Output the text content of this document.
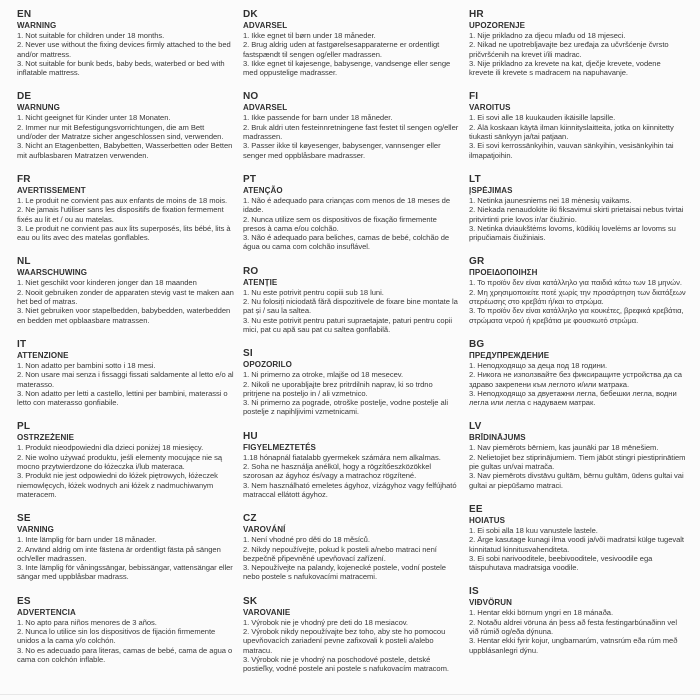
EN
WARNING

1. Not suitable for children under 18 months.

2. Never use without the fixing devices firmly attached to the bed and/or mattress.

3. Not suitable for bunk beds, baby beds, waterbed or bed with inflatable mattress.

DE
WARNUNG

1. Nicht geeignet für Kinder unter 18 Monaten.

2. Immer nur mit Befestigungsvorrichtungen, die am Bett und/oder der Matratze sicher angeschlossen sind, verwenden.

3. Nicht an Etagenbetten, Babybetten, Wasserbetten oder Betten mit aufblasbaren Matratzen verwenden.

FR
AVERTISSEMENT

1. Le produit ne convient pas aux enfants de moins de 18 mois.

2. Ne jamais l'utiliser sans les dispositifs de fixation fermement fixés au lit et / ou au matelas.

3. Le produit ne convient pas aux lits superposés, lits bébé, lits à eau ou lits avec des matelas gonflables.

NL
WAARSCHUWING

1. Niet geschikt voor kinderen jonger dan 18 maanden

2. Nooit gebruiken zonder de apparaten stevig vast te maken aan het bed of matras.

3. Niet gebruiken voor stapelbedden, babybedden, waterbedden en bedden met opblaasbare matrassen.

IT
ATTENZIONE

1. Non adatto per bambini sotto i 18 mesi.

2. Non usare mai senza i fissaggi fissati saldamente al letto e/o al materasso.

3. Non adatto per letti a castello, lettini per bambini, materassi o letto con materasso gonfiabile.

PL
OSTRZEŻENIE

1. Produkt nieodpowiedni dla dzieci poniżej 18 miesięcy.

2. Nie wolno używać produktu, jeśli elementy mocujące nie są mocno przytwierdzone do łóżeczka i/lub materaca.

3. Produkt nie jest odpowiedni do łóżek piętrowych, łóżeczek niemowlęcych, łóżek wodnych ani łóżek z nadmuchiwanym materacem.

SE
VARNING

1. Inte lämplig för barn under 18 månader.

2. Använd aldrig om inte fästena är ordentligt fästa på sängen och/eller madrassen.

3. Inte lämplig för våningssängar, bebissängar, vattensängar eller sängar med uppblåsbar madrass.

ES
ADVERTENCIA

1. No apto para niños menores de 3 años.

2. Nunca lo utilice sin los dispositivos de fijación firmemente unidos a la cama y/o colchón.

3. No es adecuado para literas, camas de bebé, cama de agua o cama con colchón inflable.

DK
ADVARSEL

1. Ikke egnet til børn under 18 måneder.

2. Brug aldrig uden at fastgørelsesapparaterne er ordentligt fastspændt til sengen og/eller madrassen.

3. Ikke egnet til køjesenge, babysenge, vandsenge eller senge med oppustelige madrasser.

NO
ADVARSEL

1. Ikke passende for barn under 18 måneder.

2. Bruk aldri uten festeinnretningene fast festet til sengen og/eller madrassen.

3. Passer ikke til køyesenger, babysenger, vannsenger eller senger med oppblåsbare madrasser.

PT
ATENÇÃO

1. Não é adequado para crianças com menos de 18 meses de idade.

2. Nunca utilize sem os dispositivos de fixação firmemente presos à cama e/ou colchão.

3. Não é adequado para beliches, camas de bebé, colchão de água ou cama com colchão insuflável.

RO
ATENȚIE

1. Nu este potrivit pentru copiii sub 18 luni.

2. Nu folosiți niciodată fără dispozitivele de fixare bine montate la pat și / sau la saltea.

3. Nu este potrivit pentru paturi supraetajate, paturi pentru copii mici, pat cu apă sau pat cu saltea gonflabilă.

SI
OPOZORILO

1. Ni primerno za otroke, mlajše od 18 mesecev.

2. Nikoli ne uporabljajte brez pritrdilnih naprav, ki so trdno pritrjene na posteljo in / ali vzmetnico.

3. Ni primerno za pograde, otroške postelje, vodne postelje ali postelje z napihljivimi vzmetnicami.

HU
FIGYELMEZTETÉS

1.18 hónapnál fiatalabb gyermekek számára nem alkalmas.

2. Soha ne használja anélkül, hogy a rögzítőeszközökkel szorosan az ágyhoz és/vagy a matrachoz rögzítené.

3. Nem használható emeletes ágyhoz, vízágyhoz vagy felfújható matraccal ellátott ágyhoz.

CZ
VAROVÁNÍ

1. Není vhodné pro děti do 18 měsíců.

2. Nikdy nepoužívejte, pokud k posteli a/nebo matraci není bezpečně připevněné upevňovací zařízení.

3. Nepoužívejte na palandy, kojenecké postele, vodní postele nebo postele s nafukovacími matracemi.

SK
VAROVANIE

1. Výrobok nie je vhodný pre deti do 18 mesiacov.

2. Výrobok nikdy nepoužívajte bez toho, aby ste ho pomocou upevňovacích zariadení pevne zafixovali k posteli a/alebo matracu.

3. Výrobok nie je vhodný na poschodové postele, detské postieľky, vodné postele ani postele s nafukovacím matracom.

HR
UPOZORENJE

1. Nije prikladno za djecu mlađu od 18 mjeseci.

2. Nikad ne upotrebljavajte bez uređaja za učvršćenje čvrsto pričvršćenih na krevet i/ili madrac.

3. Nije prikladno za krevete na kat, dječje krevete, vodene krevete ili krevete s madracem na napuhavanje.

FI
VAROITUS

1. Ei sovi alle 18 kuukauden ikäisille lapsille.

2. Älä koskaan käytä ilman kiinnityslaitteita, jotka on kiinnitetty tiukasti sänkyyn ja/tai patjaan.

3. Ei sovi kerrossänkyihin, vauvan sänkyihin, vesisänkyihin tai ilmapatjoihin.

LT
ĮSPĖJIMAS

1. Netinka jaunesniems nei 18 mėnesių vaikams.

2. Niekada nenaudokite iki fiksavimui skirti prietaisai nebus tvirtai pritvirtinti prie lovos ir/ar čiužinio.

3. Netinka dviaukštėms lovoms, kūdikių lovelėms ar lovoms su pripučiamais čiužiniais.

GR
ΠΡΟΕΙΔΟΠΟΙΗΣΗ

1. Το προϊόν δεν είναι κατάλληλο για παιδιά κάτω των 18 μηνών.

2. Μη χρησιμοποιείτε ποτέ χωρίς την προσάρτηση των διατάξεων στερέωσης στο κρεβάτι ή/και το στρώμα.

3. Το προϊόν δεν είναι κατάλληλο για κουκέτες, βρεφικά κρεβάτια, στρώματα νερού ή κρεβάτια με φουσκωτό στρώμα.

BG
ПРЕДУПРЕЖДЕНИЕ

1. Неподходящо за деца под 18 години.

2. Никога не използвайте без фиксиращите устройства да са здраво закрепени към леглото и/или матрака.

3. Неподходящо за двуетажни легла, бебешки легла, водни легла или легла с надуваем матрак.

LV
BRĪDINĀJUMS

1. Nav piemērots bērniem, kas jaunāki par 18 mēnešiem.

2. Nelietojiet bez stiprinājumiem. Tiem jābūt stingri piestiprinātiem pie gultas un/vai matrača.

3. Nav piemērots divstāvu gultām, bērnu gultām, ūdens gultai vai gultai ar piepūšamo matraci.

EE
HOIATUS

1. Ei sobi alla 18 kuu vanustele lastele.

2. Ärge kasutage kunagi ilma voodi ja/või madratsi külge tugevalt kinnitatud kinnitusvahenditeta.

3. Ei sobi narivooditele, beebivooditele, vesivoodile ega täispuhutava madratsiga voodile.

IS
VIÐVÖRUN

1. Hentar ekki börnum yngri en 18 mánaða.

2. Notaðu aldrei vöruna án þess að festa festingarbúnaðinn vel við rúmið og/eða dýnuna.

3. Hentar ekki fyrir kojur, ungbarnarúm, vatnsrúm eða rúm með uppblásanlegri dýnu.
